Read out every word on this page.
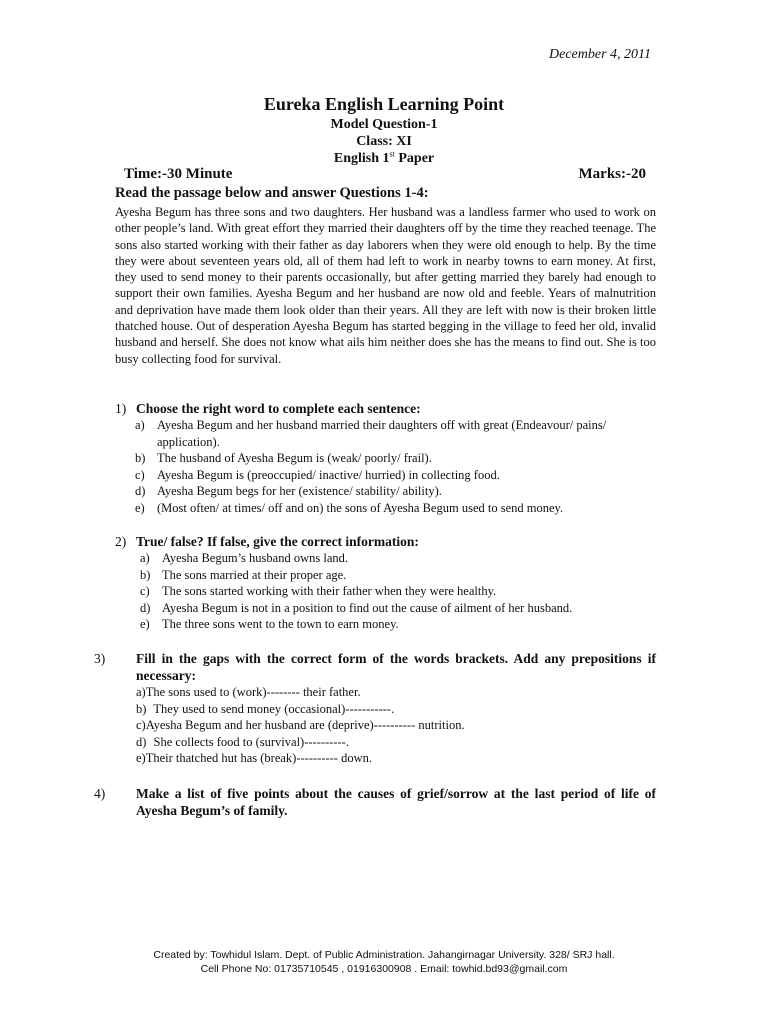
December 4, 2011
Eureka English Learning Point
Model Question-1
Class: XI
English 1st Paper
Time:-30 Minute	Marks:-20
Read the passage below and answer Questions 1-4:
Ayesha Begum has three sons and two daughters. Her husband was a landless farmer who used to work on other people’s land. With great effort they married their daughters off by the time they reached teenage. The sons also started working with their father as day laborers when they were old enough to help. By the time they were about seventeen years old, all of them had left to work in nearby towns to earn money. At first, they used to send money to their parents occasionally, but after getting married they barely had enough to support their own families. Ayesha Begum and her husband are now old and feeble. Years of malnutrition and deprivation have made them look older than their years. All they are left with now is their broken little thatched house. Out of desperation Ayesha Begum has started begging in the village to feed her old, invalid husband and herself. She does not know what ails him neither does she has the means to find out. She is too busy collecting food for survival.
1) Choose the right word to complete each sentence:
a) Ayesha Begum and her husband married their daughters off with great (Endeavour/ pains/ application).
b) The husband of Ayesha Begum is (weak/ poorly/ frail).
c) Ayesha Begum is (preoccupied/ inactive/ hurried) in collecting food.
d) Ayesha Begum begs for her (existence/ stability/ ability).
e) (Most often/ at times/ off and on) the sons of Ayesha Begum used to send money.
2) True/ false? If false, give the correct information:
a) Ayesha Begum’s husband owns land.
b) The sons married at their proper age.
c) The sons started working with their father when they were healthy.
d) Ayesha Begum is not in a position to find out the cause of ailment of her husband.
e) The three sons went to the town to earn money.
3) Fill in the gaps with the correct form of the words brackets. Add any prepositions if necessary:
a)The sons used to (work)-------- their father.
b) They used to send money (occasional)-----------.
c)Ayesha Begum and her husband are (deprive)---------- nutrition.
d) She collects food to (survival)----------.
e)Their thatched hut has (break)---------- down.
4) Make a list of five points about the causes of grief/sorrow at the last period of life of Ayesha Begum’s of family.
Created by: Towhidul Islam. Dept. of Public Administration. Jahangirnagar University. 328/ SRJ hall.
Cell Phone No: 01735710545 , 01916300908 . Email: towhid.bd93@gmail.com
